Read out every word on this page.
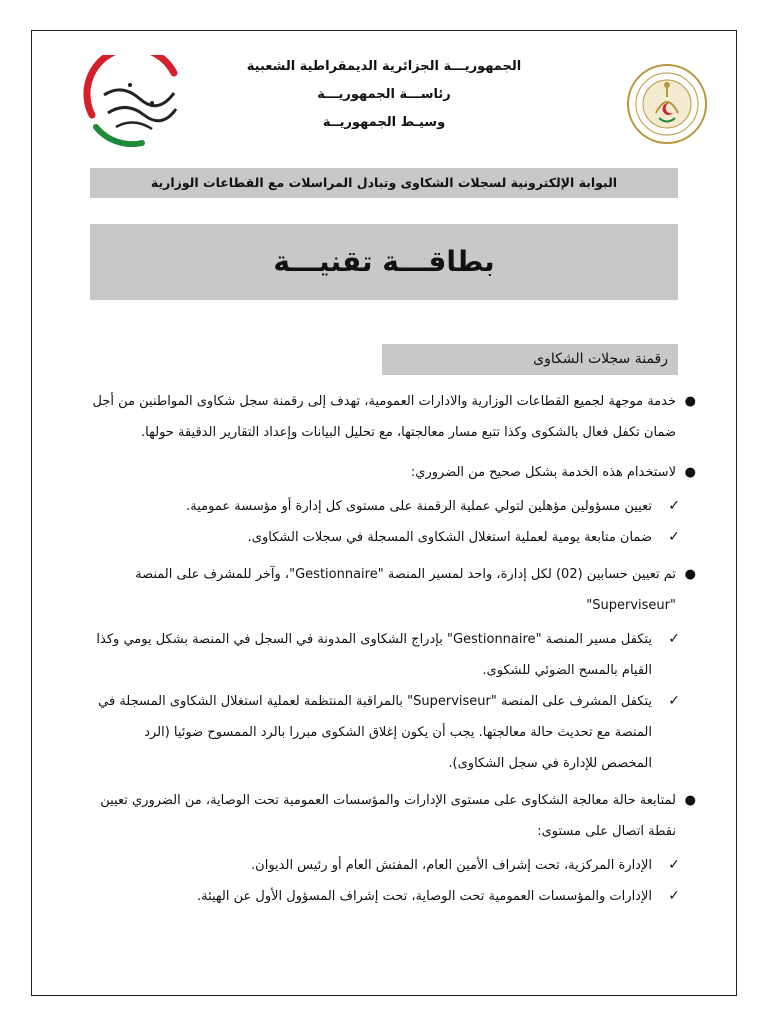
الجمهوريـــة الجزائرية الديمقراطية الشعبية
رئاســـة الجمهوريـــة
وسيـط الجمهوريــة
البوابة الإلكترونية لسجلات الشكاوى وتبادل المراسلات مع القطاعات الوزارية
بطاقـــة تقنيـــة
رقمنة سجلات الشكاوى
●
خدمة موجهة لجميع القطاعات الوزارية والادارات العمومية، تهدف إلى رقمنة سجل شكاوى المواطنين من أجل ضمان تكفل فعال بالشكوى وكذا تتبع مسار معالجتها، مع تحليل البيانات وإعداد التقارير الدقيقة حولها.
●
لاستخدام هذه الخدمة بشكل صحيح من الضروري:
✓
تعيين مسؤولين مؤهلين لتولي عملية الرقمنة على مستوى كل إدارة أو مؤسسة عمومية.
✓
ضمان متابعة يومية لعملية استغلال الشكاوى المسجلة في سجلات الشكاوى.
●
تم تعيين حسابين (02) لكل إدارة، واحد لمسير المنصة "Gestionnaire"، وآخر للمشرف على المنصة "Superviseur"
✓
يتكفل مسير المنصة "Gestionnaire" بإدراج الشكاوى المدونة في السجل في المنصة بشكل يومي وكذا القيام بالمسح الضوئي للشكوى.
✓
يتكفل المشرف على المنصة "Superviseur" بالمراقبة المنتظمة لعملية استغلال الشكاوى المسجلة في المنصة مع تحديث حالة معالجتها. يجب أن يكون إغلاق الشكوى مبررا بالرد الممسوح ضوئيا (الرد المخصص للإدارة في سجل الشكاوى).
●
لمتابعة حالة معالجة الشكاوى على مستوى الإدارات والمؤسسات العمومية تحت الوصاية، من الضروري تعيين نقطة اتصال على مستوى:
✓
الإدارة المركزية، تحت إشراف الأمين العام، المفتش العام أو رئيس الديوان.
✓
الإدارات والمؤسسات العمومية تحت الوصاية، تحت إشراف المسؤول الأول عن الهيئة.
